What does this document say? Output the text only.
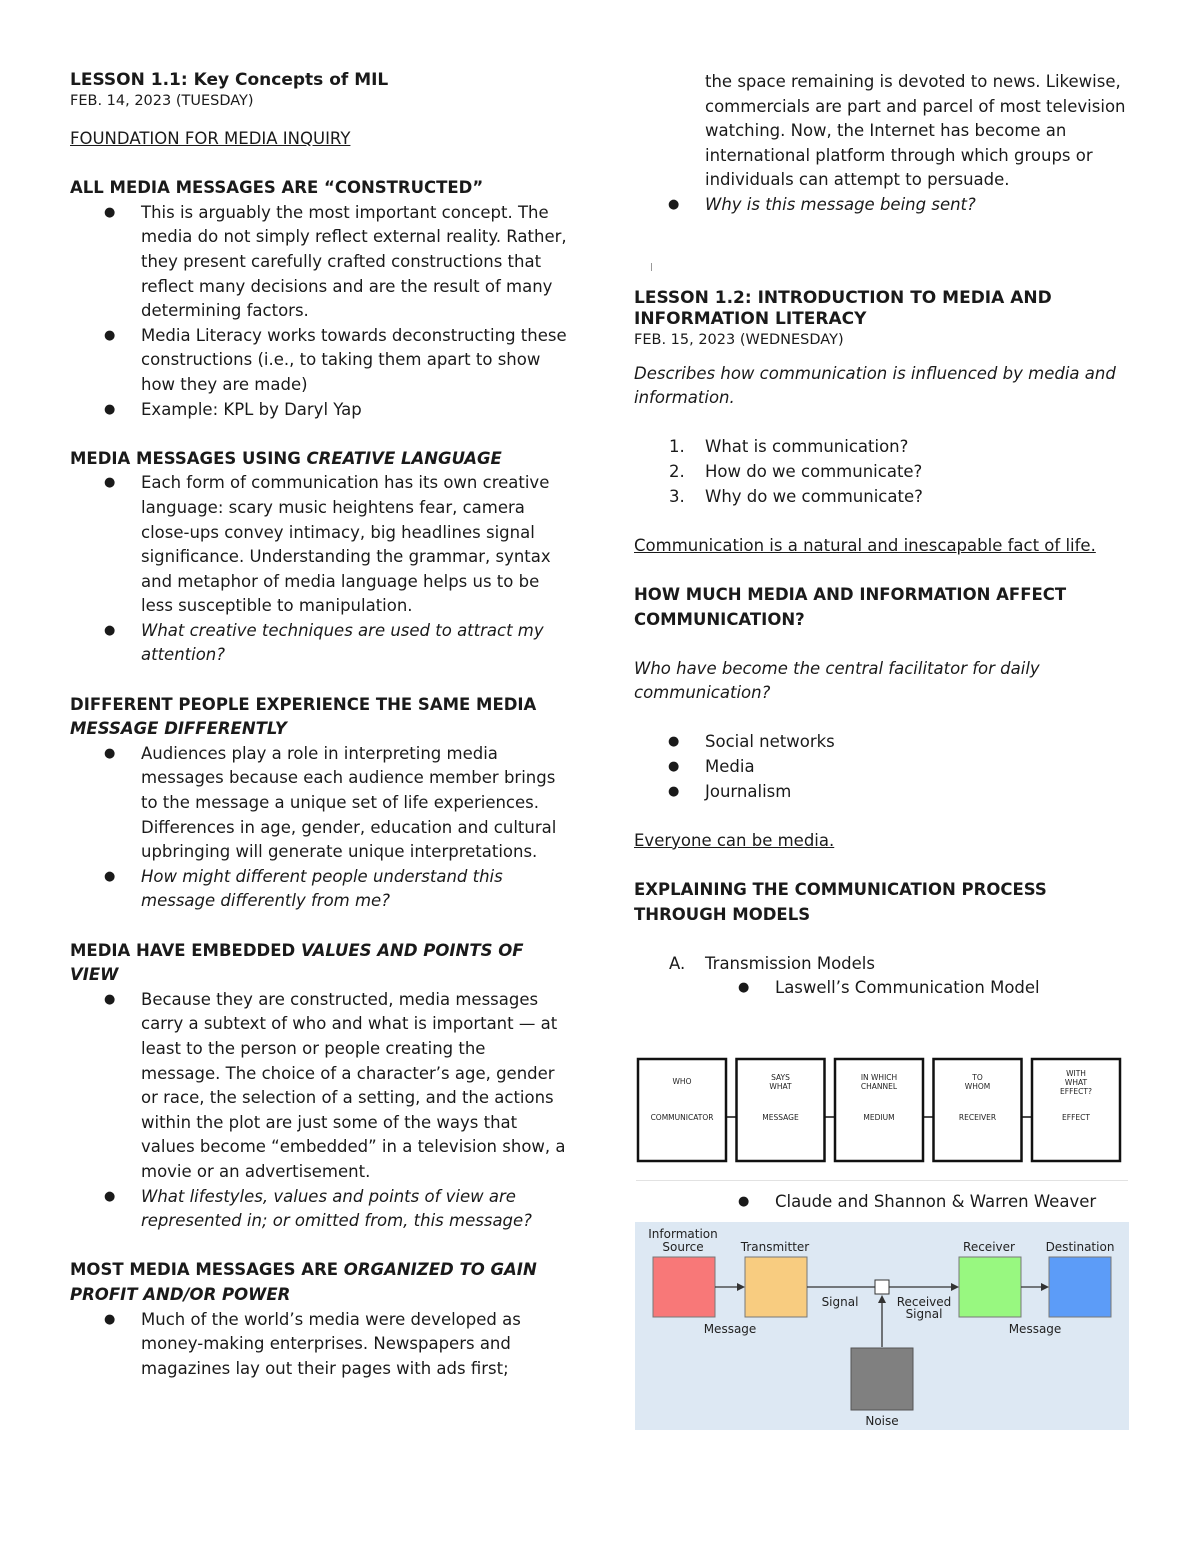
LESSON 1.1: Key Concepts of MIL

FEB. 14, 2023 (TUESDAY)

FOUNDATION FOR MEDIA INQUIRY
ALL MEDIA MESSAGES ARE “CONSTRUCTED”
● This is arguably the most important concept. The media do not simply reflect external reality. Rather, they present carefully crafted constructions that reflect many decisions and are the result of many determining factors.
● Media Literacy works towards deconstructing these constructions (i.e., to taking them apart to show how they are made)
● Example: KPL by Daryl Yap
MEDIA MESSAGES USING CREATIVE LANGUAGE
● Each form of communication has its own creative language: scary music heightens fear, camera close-ups convey intimacy, big headlines signal significance. Understanding the grammar, syntax and metaphor of media language helps us to be less susceptible to manipulation.
● What creative techniques are used to attract my attention?
DIFFERENT PEOPLE EXPERIENCE THE SAME MEDIA MESSAGE DIFFERENTLY
● Audiences play a role in interpreting media messages because each audience member brings to the message a unique set of life experiences. Differences in age, gender, education and cultural upbringing will generate unique interpretations.
● How might different people understand this message differently from me?
MEDIA HAVE EMBEDDED VALUES AND POINTS OF VIEW
● Because they are constructed, media messages carry a subtext of who and what is important — at least to the person or people creating the message. The choice of a character’s age, gender or race, the selection of a setting, and the actions within the plot are just some of the ways that values become “embedded” in a television show, a movie or an advertisement.
● What lifestyles, values and points of view are represented in; or omitted from, this message?
MOST MEDIA MESSAGES ARE ORGANIZED TO GAIN PROFIT AND/OR POWER
● Much of the world’s media were developed as money-making enterprises. Newspapers and magazines lay out their pages with ads first;
the space remaining is devoted to news. Likewise, commercials are part and parcel of most television watching. Now, the Internet has become an international platform through which groups or individuals can attempt to persuade.
● Why is this message being sent?

LESSON 1.2: INTRODUCTION TO MEDIA AND INFORMATION LITERACY

FEB. 15, 2023 (WEDNESDAY)

Describes how communication is influenced by media and information.
1. What is communication?
2. How do we communicate?
3. Why do we communicate?
Communication is a natural and inescapable fact of life.
HOW MUCH MEDIA AND INFORMATION AFFECT COMMUNICATION?
Who have become the central facilitator for daily communication?
● Social networks
● Media
● Journalism
Everyone can be media.
EXPLAINING THE COMMUNICATION PROCESS THROUGH MODELS
A. Transmission Models
● Laswell’s Communication Model
WHO
COMMUNICATOR
SAYS
WHAT
MESSAGE
IN WHICH
CHANNEL
MEDIUM
TO
WHOM
RECEIVER
WITH
WHAT
EFFECT?
EFFECT
● Claude and Shannon & Warren Weaver
Information
Source	Transmitter	Receiver	Destination
Signal	Received
Signal
Message	Message
Noise
